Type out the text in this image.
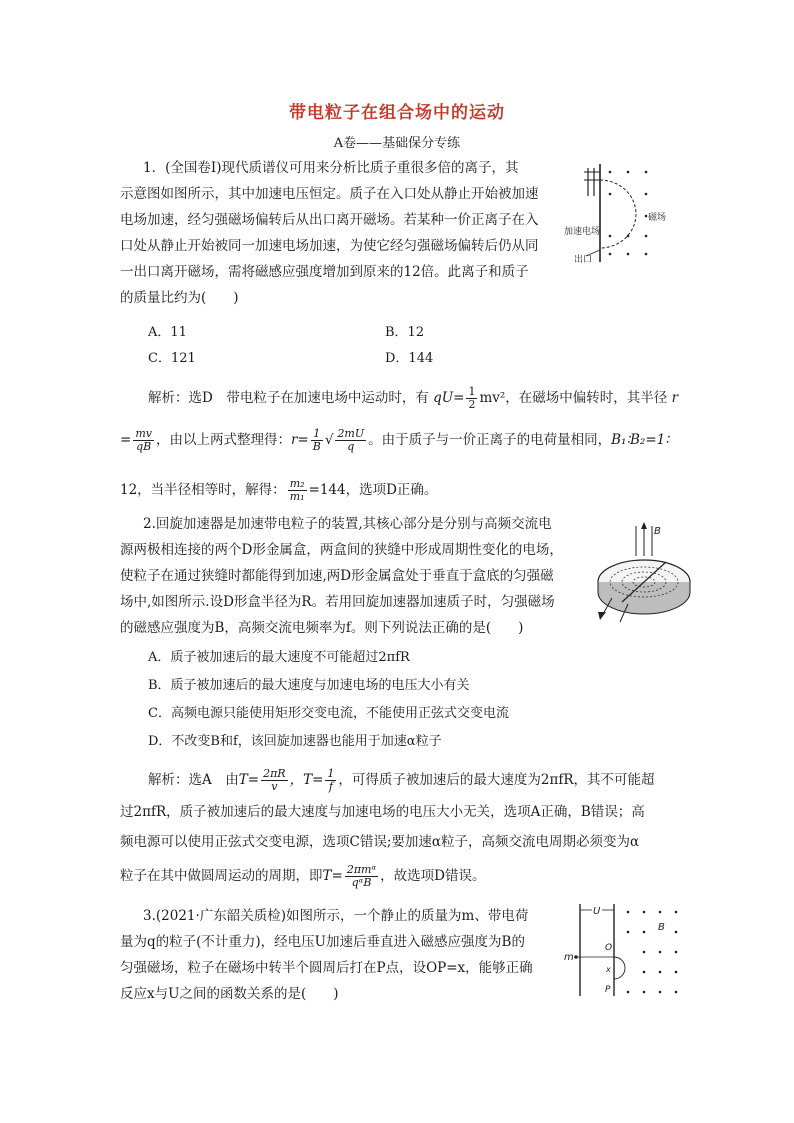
带电粒子在组合场中的运动
A卷——基础保分专练
1．(全国卷Ⅰ)现代质谱仪可用来分析比质子重很多倍的离子，其
示意图如图所示，其中加速电压恒定。质子在入口处从静止开始被加速
电场加速，经匀强磁场偏转后从出口离开磁场。若某种一价正离子在入
口处从静止开始被同一加速电场加速，为使它经匀强磁场偏转后仍从同
一出口离开磁场，需将磁感应强度增加到原来的12倍。此离子和质子
的质量比约为(　　)
A．11	B．12
C．121	D．144
加速电场
磁场
出口
解析：选D　带电粒子在加速电场中运动时，有 $qU= \frac{1}{2} mv^2$，在磁场中偏转时，其半径 r
= $\frac{mv}{qB}$ ，由以上两式整理得：$r= \frac{1}{B}$ √ $\frac{2mU}{q}$ 。由于质子与一价正离子的电荷量相同，B₁∶B₂=1∶
12，当半径相等时，解得： $\frac{\text{m₂}}{\text{m₁}} =144$，选项D正确。
2.回旋加速器是加速带电粒子的装置,其核心部分是分别与高频交流电
源两极相连接的两个D形金属盒，两盒间的狭缝中形成周期性变化的电场，
使粒子在通过狭缝时都能得到加速,两D形金属盒处于垂直于盒底的匀强磁
场中,如图所示.设D形盒半径为R。若用回旋加速器加速质子时，匀强磁场
的磁感应强度为B，高频交流电频率为f。则下列说法正确的是(　　)
A．质子被加速后的最大速度不可能超过2πfR
B．质子被加速后的最大速度与加速电场的电压大小有关
C．高频电源只能使用矩形交变电流，不能使用正弦式交变电流
D．不改变B和f，该回旋加速器也能用于加速α粒子
B
解析：选A　由$T= \frac{2\pi R}{v}$ ，$T= \frac{1}{f}$ ，可得质子被加速后的最大速度为2πfR，其不可能超
过2πfR，质子被加速后的最大速度与加速电场的电压大小无关，选项A正确，B错误；高
频电源可以使用正弦式交变电源，选项C错误;要加速α粒子，高频交流电周期必须变为α
粒子在其中做圆周运动的周期，即$T= \frac{\text{2πmᵅ}}{\text{qᵅB}}$ ，故选项D错误。
3.(2021·广东韶关质检)如图所示，一个静止的质量为m、带电荷
量为q的粒子(不计重力)，经电压U加速后垂直进入磁感应强度为B的
匀强磁场，粒子在磁场中转半个圆周后打在P点，设OP=x，能够正确
反应x与U之间的函数关系的是(　　)
U
m
O
P
x
B
